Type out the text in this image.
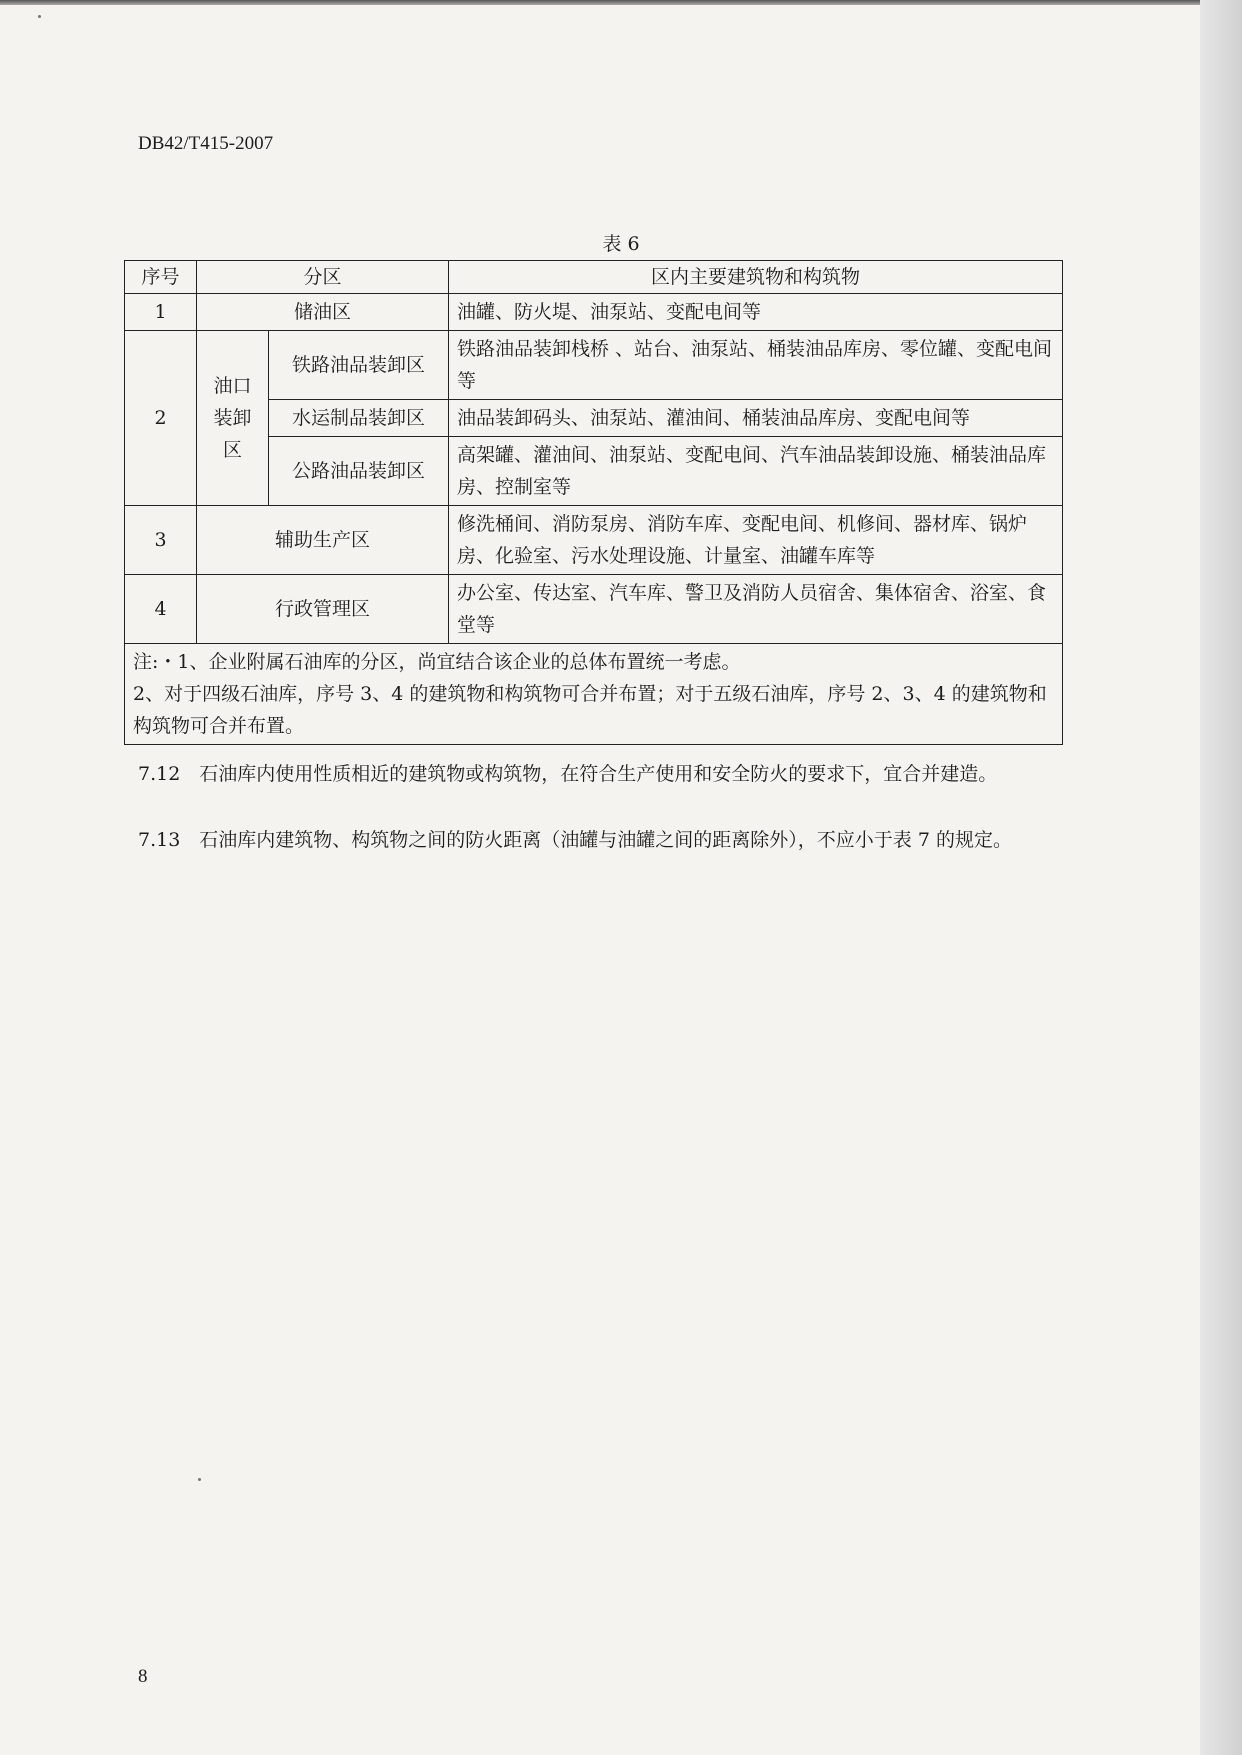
DB42/T415-2007
表 6
序号	分区		区内主要建筑物和构筑物
1	储油区		油罐、防火堤、油泵站、变配电间等
2	油口
装卸
区	铁路油品装卸区	铁路油品装卸栈桥 、站台、油泵站、桶装油品库房、零位罐、变配电间等
		水运制品装卸区	油品装卸码头、油泵站、灌油间、桶装油品库房、变配电间等
		公路油品装卸区	高架罐、灌油间、油泵站、变配电间、汽车油品装卸设施、桶装油品库房、控制室等
3	辅助生产区		修洗桶间、消防泵房、消防车库、变配电间、机修间、器材库、锅炉房、化验室、污水处理设施、计量室、油罐车库等
4	行政管理区		办公室、传达室、汽车库、警卫及消防人员宿舍、集体宿舍、浴室、食堂等

注:・1、企业附属石油库的分区，尚宜结合该企业的总体布置统一考虑。
2、对于四级石油库，序号 3、4 的建筑物和构筑物可合并布置；对于五级石油库，序号 2、3、4 的建筑物和构筑物可合并布置。			
7.12　石油库内使用性质相近的建筑物或构筑物，在符合生产使用和安全防火的要求下，宜合并建造。
7.13　石油库内建筑物、构筑物之间的防火距离（油罐与油罐之间的距离除外），不应小于表 7 的规定。
8
